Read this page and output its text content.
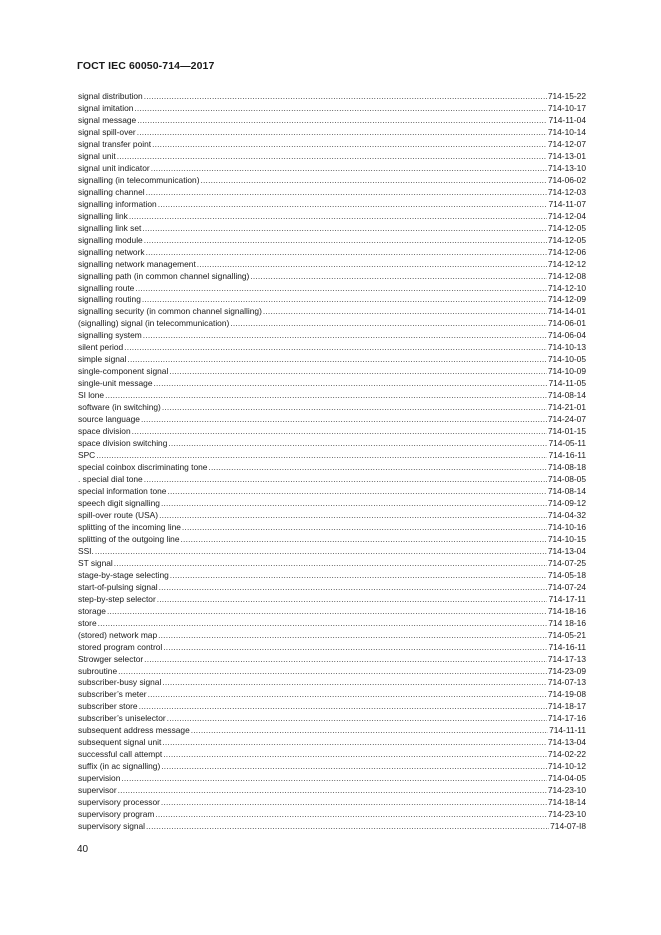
ГОСТ IEC 60050-714—2017
signal distribution .....	714-15-22
signal imitation .....	714-10-17
signal message .....	714-11-04
signal spill-over .....	714-10-14
signal transfer point .....	714-12-07
signal unit .....	714-13-01
signal unit indicator .....	714-13-10
signalling (in telecommunication) .....	714-06-02
signalling channel .....	714-12-03
signalling information .....	714-11-07
signalling link .....	714-12-04
signalling link set .....	714-12-05
signalling module .....	714-12-05
signalling network .....	714-12-06
signalling network management .....	714-12-12
signalling path (in common channel signalling) .....	714-12-08
signalling route .....	714-12-10
signalling routing .....	714-12-09
signalling security (in common channel signalling) .....	714-14-01
(signalling) signal (in telecommunication) .....	714-06-01
signalling system .....	714-06-04
silent period .....	714-10-13
simple signal .....	714-10-05
single-component signal .....	714-10-09
single-unit message .....	714-11-05
SI lone .....	714-08-14
software (in switching) .....	714-21-01
source language .....	714-24-07
space division .....	714-01-15
space division switching .....	714-05-11
SPC .....	714-16-11
special coinbox discriminating tone .....	714-08-18
. special dial tone .....	714-08-05
special information tone .....	714-08-14
speech digit signalling .....	714-09-12
spill-over route (USA) .....	714-04-32
splitting of the incoming line .....	714-10-16
splitting of the outgoing line .....	714-10-15
SSI. .....	714-13-04
ST signal .....	714-07-25
stage-by-stage selecting .....	714-05-18
start-of-pulsing signal .....	714-07-24
step-by-step selector .....	714-17-11
storage .....	714-18-16
store .....	714 18-16
(stored) network map .....	714-05-21
stored program control .....	714-16-11
Strowger selector .....	714-17-13
subroutine .....	714-23-09
subscriber-busy signal .....	714-07-13
subscriber’s meter .....	714-19-08
subscriber store .....	714-18-17
subscriber’s uniselector .....	714-17-16
subsequent address message .....	714-11-11
subsequent signal unit .....	714-13-04
successful call attempt .....	714-02-22
suffix (in ac signalling) .....	714-10-12
supervision .....	714-04-05
supervisor .....	714-23-10
supervisory processor .....	714-18-14
supervisory program .....	714-23-10
supervisory signal .....	714-07-I8
40
